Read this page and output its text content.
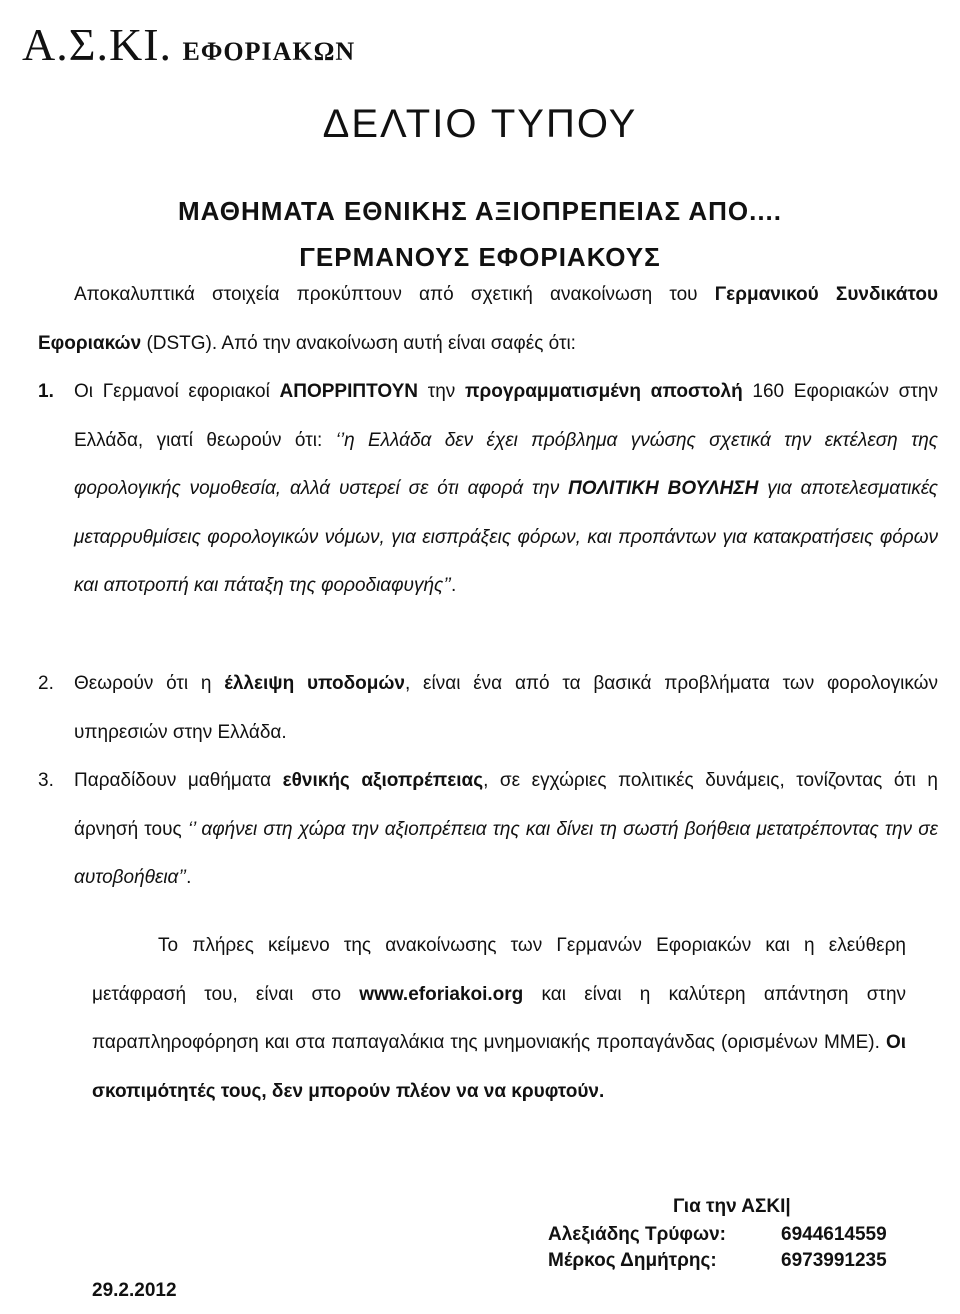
Α.Σ.ΚΙ. ΕΦΟΡΙΑΚΩΝ
ΔΕΛΤΙΟ ΤΥΠΟΥ
ΜΑΘΗΜΑΤΑ ΕΘΝΙΚΗΣ ΑΞΙΟΠΡΕΠΕΙΑΣ ΑΠΟ....
ΓΕΡΜΑΝΟΥΣ ΕΦΟΡΙΑΚΟΥΣ
Αποκαλυπτικά στοιχεία προκύπτουν από σχετική ανακοίνωση του Γερμανικού Συνδικάτου Εφοριακών (DSTG). Από την ανακοίνωση αυτή είναι σαφές ότι:
1. Οι Γερμανοί εφοριακοί ΑΠΟΡΡΙΠΤΟΥΝ την προγραμματισμένη αποστολή 160 Εφοριακών στην Ελλάδα, γιατί θεωρούν ότι: ‘’η Ελλάδα δεν έχει πρόβλημα γνώσης σχετικά την εκτέλεση της φορολογικής νομοθεσία, αλλά υστερεί σε ότι αφορά την ΠΟΛΙΤΙΚΗ ΒΟΥΛΗΣΗ για αποτελεσματικές μεταρρυθμίσεις φορολογικών νόμων, για εισπράξεις φόρων, και προπάντων για κατακρατήσεις φόρων και αποτροπή και πάταξη της φοροδιαφυγής’’.
2. Θεωρούν ότι η έλλειψη υποδομών, είναι ένα από τα βασικά προβλήματα των φορολογικών υπηρεσιών στην Ελλάδα.
3. Παραδίδουν μαθήματα εθνικής αξιοπρέπειας, σε εγχώριες πολιτικές δυνάμεις, τονίζοντας ότι η άρνησή τους ‘’ αφήνει στη χώρα την αξιοπρέπεια της και δίνει τη σωστή βοήθεια μετατρέποντας την σε αυτοβοήθεια’’.
Το πλήρες κείμενο της ανακοίνωσης των Γερμανών Εφοριακών και η ελεύθερη μετάφρασή του, είναι στο www.eforiakoi.org και είναι η καλύτερη απάντηση στην παραπληροφόρηση και στα παπαγαλάκια της μνημονιακής προπαγάνδας (ορισμένων ΜΜΕ). Οι σκοπιμότητές τους, δεν μπορούν πλέον να να κρυφτούν.
Για την ΑΣΚΙ|
Αλεξιάδης Τρύφων:	6944614559
Μέρκος Δημήτρης:	6973991235
29.2.2012
